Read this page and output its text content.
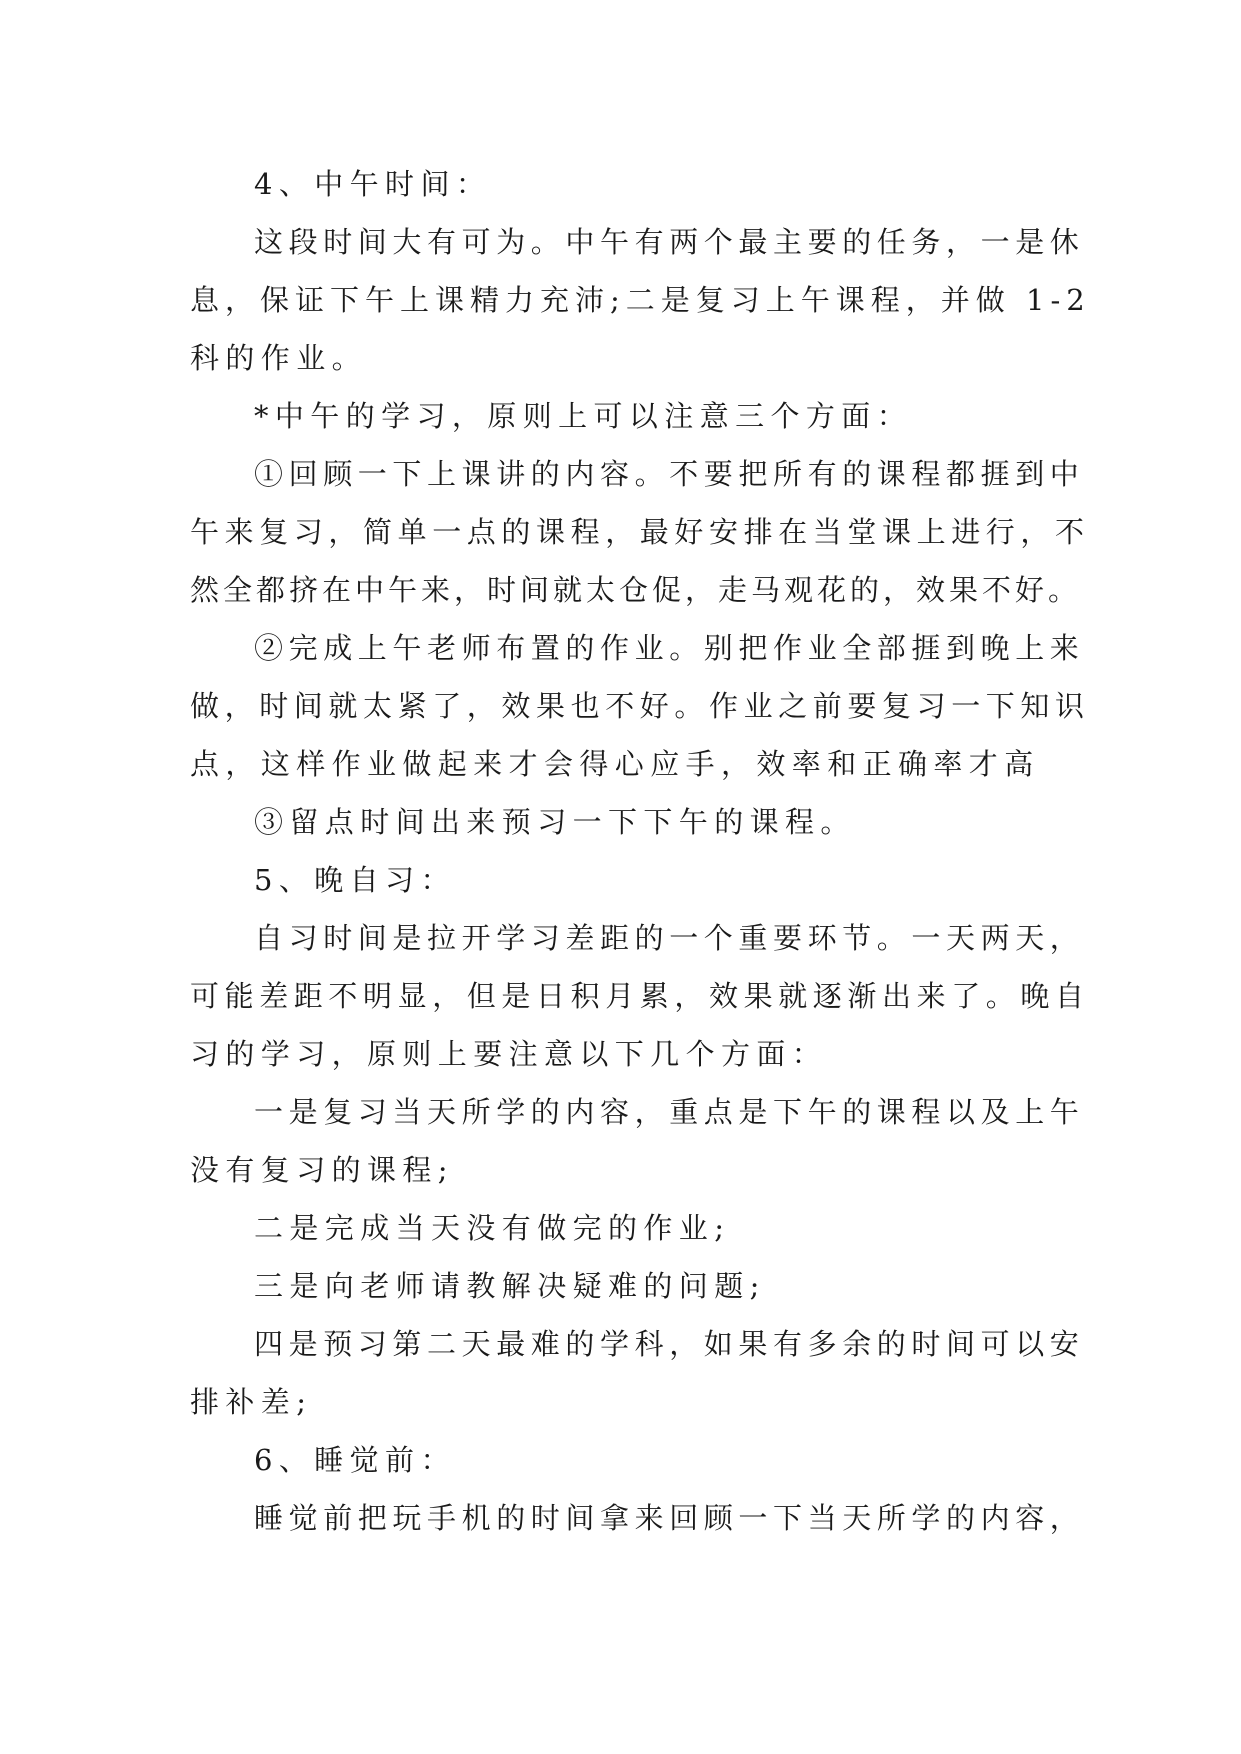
4、中午时间：
这段时间大有可为。中午有两个最主要的任务，一是休
息，保证下午上课精力充沛;二是复习上午课程，并做 1-2
科的作业。
*中午的学习，原则上可以注意三个方面：
①回顾一下上课讲的内容。不要把所有的课程都捱到中
午来复习，简单一点的课程，最好安排在当堂课上进行，不
然全都挤在中午来，时间就太仓促，走马观花的，效果不好。
②完成上午老师布置的作业。别把作业全部捱到晚上来
做，时间就太紧了，效果也不好。作业之前要复习一下知识
点，这样作业做起来才会得心应手，效率和正确率才高
③留点时间出来预习一下下午的课程。
5、晚自习：
自习时间是拉开学习差距的一个重要环节。一天两天，
可能差距不明显，但是日积月累，效果就逐渐出来了。晚自
习的学习，原则上要注意以下几个方面：
一是复习当天所学的内容，重点是下午的课程以及上午
没有复习的课程;
二是完成当天没有做完的作业;
三是向老师请教解决疑难的问题;
四是预习第二天最难的学科，如果有多余的时间可以安
排补差;
6、睡觉前：
睡觉前把玩手机的时间拿来回顾一下当天所学的内容，
